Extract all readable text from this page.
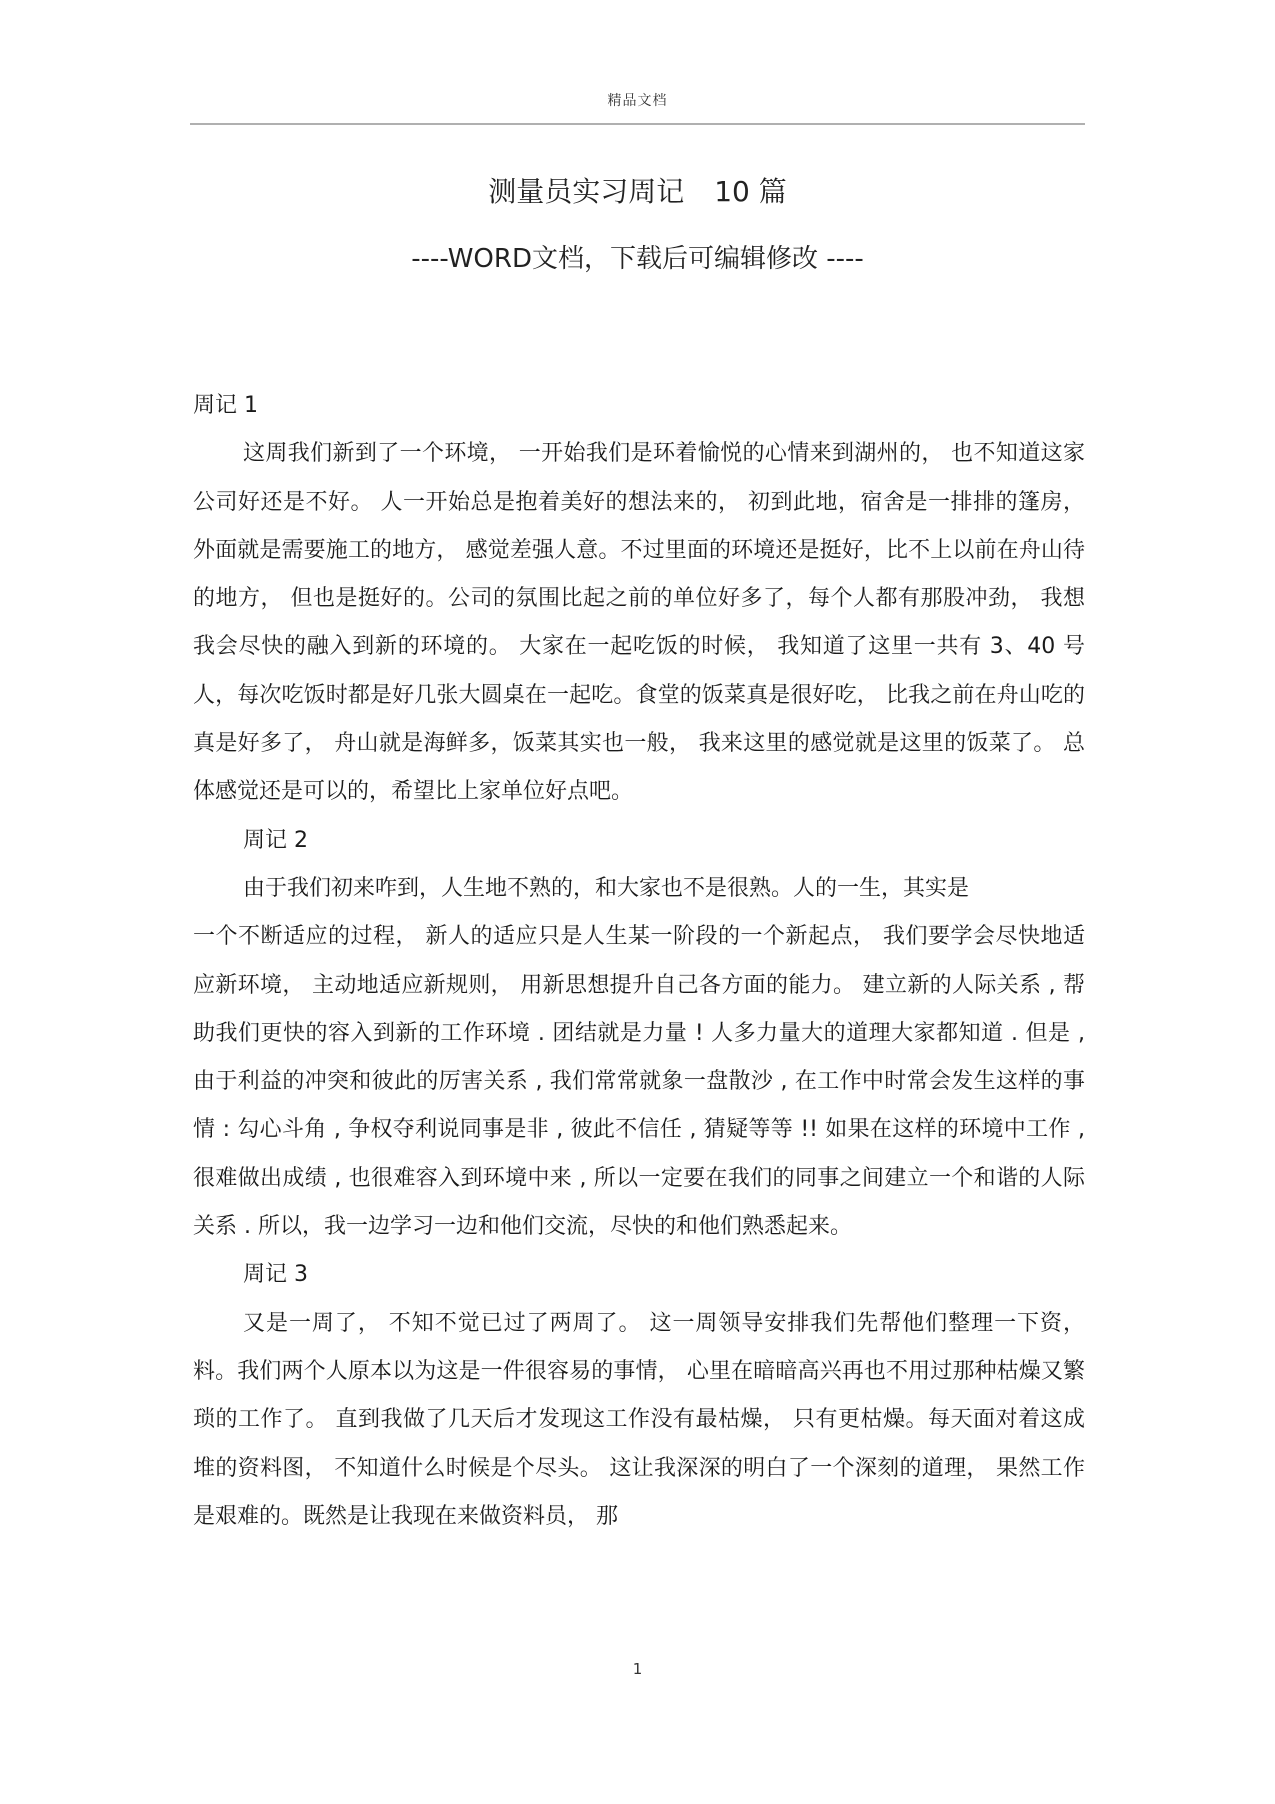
精品文档
测量员实习周记 10 篇
----WORD文档，下载后可编辑修改 ----

周记 1

这周我们新到了一个环境， 一开始我们是环着愉悦的心情来到湖州的， 也不知道这家公司好还是不好。 人一开始总是抱着美好的想法来的， 初到此地，宿舍是一排排的篷房， 外面就是需要施工的地方， 感觉差强人意。不过里面的环境还是挺好，比不上以前在舟山待的地方， 但也是挺好的。公司的氛围比起之前的单位好多了，每个人都有那股冲劲， 我想我会尽快的融入到新的环境的。 大家在一起吃饭的时候， 我知道了这里一共有 3、40 号人，每次吃饭时都是好几张大圆桌在一起吃。食堂的饭菜真是很好吃， 比我之前在舟山吃的真是好多了， 舟山就是海鲜多，饭菜其实也一般， 我来这里的感觉就是这里的饭菜了。 总体感觉还是可以的，希望比上家单位好点吧。

周记 2

由于我们初来咋到，人生地不熟的，和大家也不是很熟。人的一生，其实是

一个不断适应的过程， 新人的适应只是人生某一阶段的一个新起点， 我们要学会尽快地适应新环境， 主动地适应新规则， 用新思想提升自己各方面的能力。 建立新的人际关系 , 帮助我们更快的容入到新的工作环境 . 团结就是力量 ! 人多力量大的道理大家都知道 . 但是 , 由于利益的冲突和彼此的厉害关系 , 我们常常就象一盘散沙 , 在工作中时常会发生这样的事情 : 勾心斗角 , 争权夺利说同事是非 , 彼此不信任 , 猜疑等等 !! 如果在这样的环境中工作 , 很难做出成绩 , 也很难容入到环境中来 , 所以一定要在我们的同事之间建立一个和谐的人际关系 . 所以，我一边学习一边和他们交流，尽快的和他们熟悉起来。

周记 3

又是一周了， 不知不觉已过了两周了。 这一周领导安排我们先帮他们整理一下资，料。我们两个人原本以为这是一件很容易的事情， 心里在暗暗高兴再也不用过那种枯燥又繁琐的工作了。 直到我做了几天后才发现这工作没有最枯燥， 只有更枯燥。每天面对着这成堆的资料图， 不知道什么时候是个尽头。 这让我深深的明白了一个深刻的道理， 果然工作是艰难的。既然是让我现在来做资料员， 那

1
